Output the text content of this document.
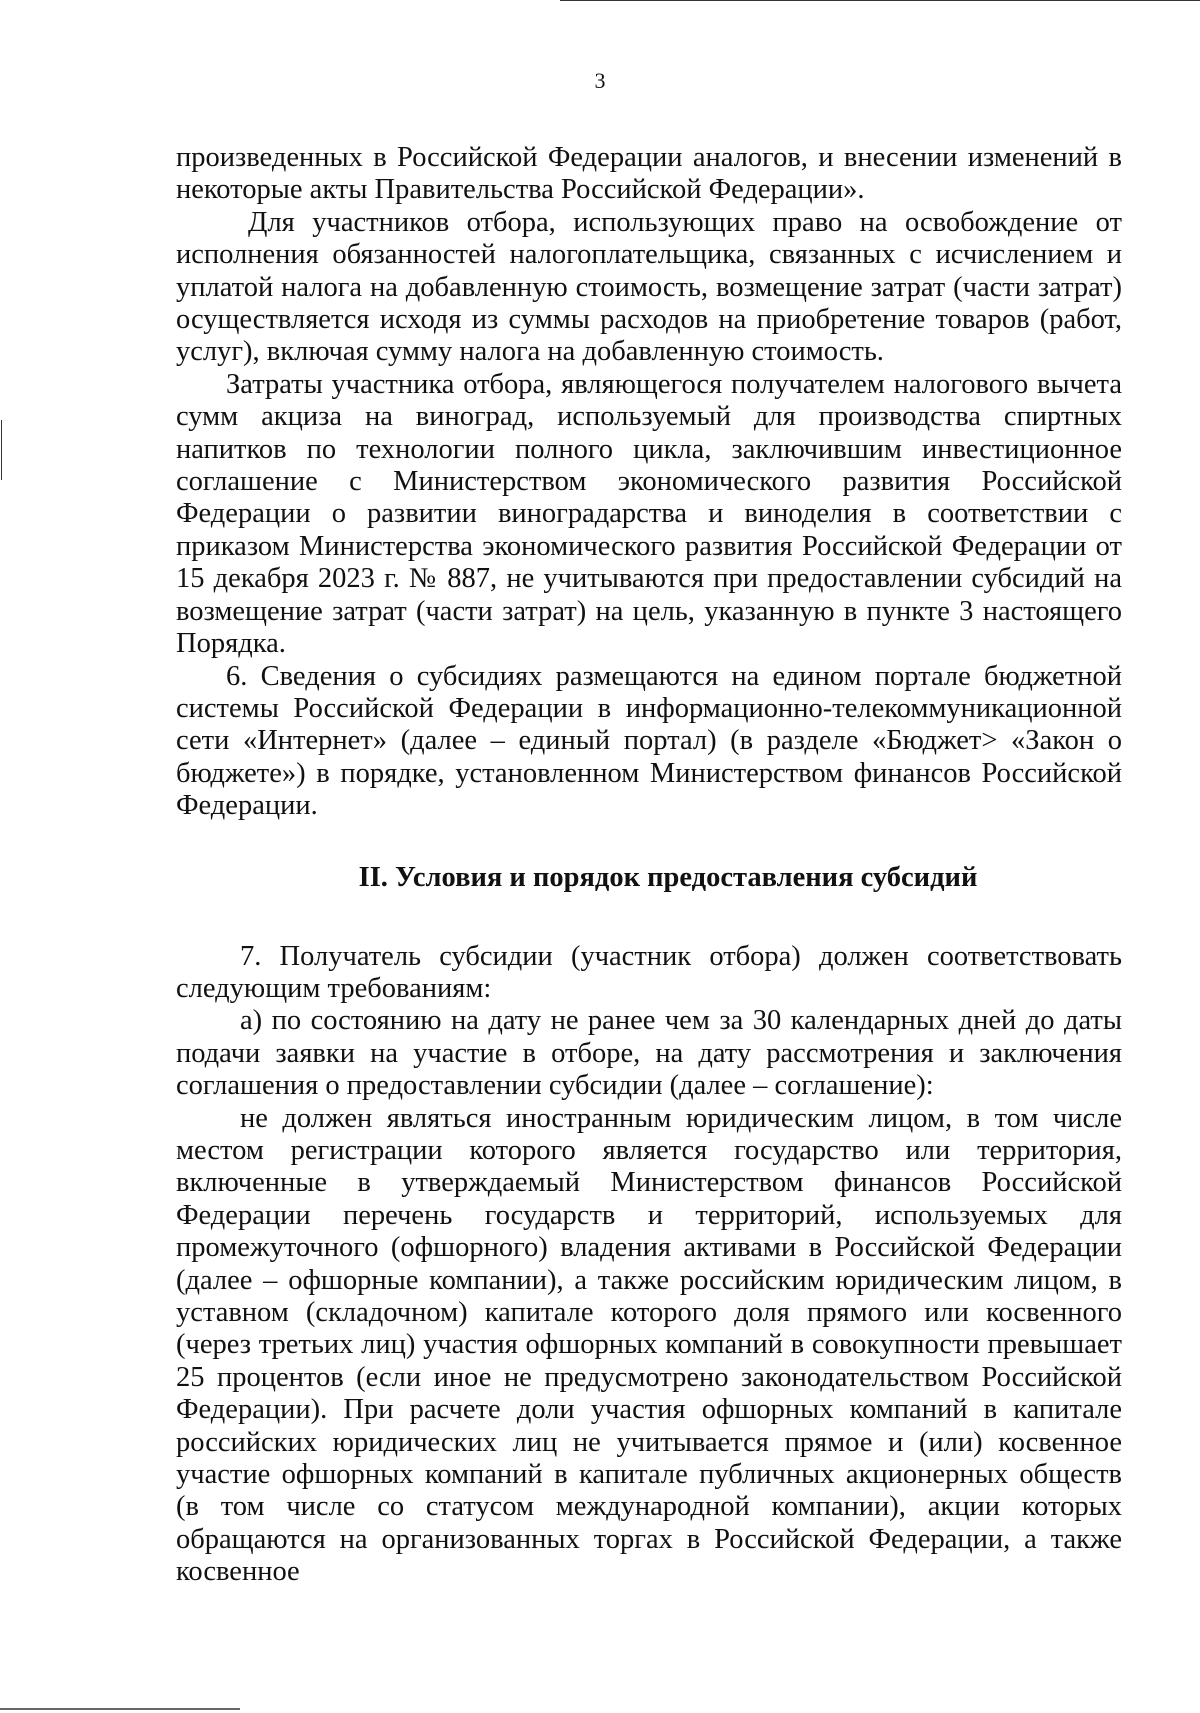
3

произведенных в Российской Федерации аналогов, и внесении изменений в некоторые акты Правительства Российской Федерации».

Для участников отбора, использующих право на освобождение от исполнения обязанностей налогоплательщика, связанных с исчислением и уплатой налога на добавленную стоимость, возмещение затрат (части затрат) осуществляется исходя из суммы расходов на приобретение товаров (работ, услуг), включая сумму налога на добавленную стоимость.

Затраты участника отбора, являющегося получателем налогового вычета сумм акциза на виноград, используемый для производства спиртных напитков по технологии полного цикла, заключившим инвестиционное соглашение с Министерством экономического развития Российской Федерации о развитии виноградарства и виноделия в соответствии с приказом Министерства экономического развития Российской Федерации от 15 декабря 2023 г. № 887, не учитываются при предоставлении субсидий на возмещение затрат (части затрат) на цель, указанную в пункте 3 настоящего Порядка.

6. Сведения о субсидиях размещаются на едином портале бюджетной системы Российской Федерации в информационно-телекоммуникационной сети «Интернет» (далее – единый портал) (в разделе «Бюджет> «Закон о бюджете») в порядке, установленном Министерством финансов Российской Федерации.

II. Условия и порядок предоставления субсидий

7. Получатель субсидии (участник отбора) должен соответствовать следующим требованиям:

а) по состоянию на дату не ранее чем за 30 календарных дней до даты подачи заявки на участие в отборе, на дату рассмотрения и заключения соглашения о предоставлении субсидии (далее – соглашение):

не должен являться иностранным юридическим лицом, в том числе местом регистрации которого является государство или территория, включенные в утверждаемый Министерством финансов Российской Федерации перечень государств и территорий, используемых для промежуточного (офшорного) владения активами в Российской Федерации (далее – офшорные компании), а также российским юридическим лицом, в уставном (складочном) капитале которого доля прямого или косвенного (через третьих лиц) участия офшорных компаний в совокупности превышает 25 процентов (если иное не предусмотрено законодательством Российской Федерации). При расчете доли участия офшорных компаний в капитале российских юридических лиц не учитывается прямое и (или) косвенное участие офшорных компаний в капитале публичных акционерных обществ (в том числе со статусом международной компании), акции которых обращаются на организованных торгах в Российской Федерации, а также косвенное
